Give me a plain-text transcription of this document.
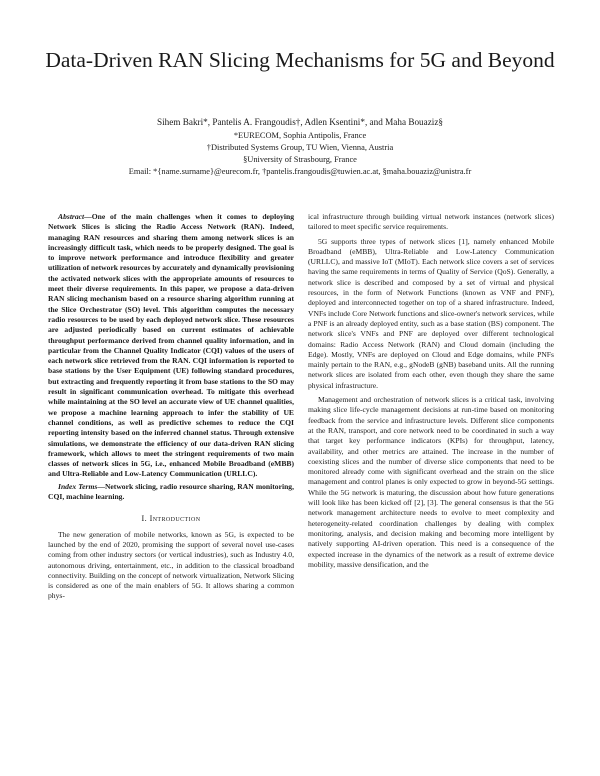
Data-Driven RAN Slicing Mechanisms for 5G and Beyond
Sihem Bakri*, Pantelis A. Frangoudis†, Adlen Ksentini*, and Maha Bouaziz§
*EURECOM, Sophia Antipolis, France
†Distributed Systems Group, TU Wien, Vienna, Austria
§University of Strasbourg, France
Email: *{name.surname}@eurecom.fr, †pantelis.frangoudis@tuwien.ac.at, §maha.bouaziz@unistra.fr

Abstract—One of the main challenges when it comes to deploying Network Slices is slicing the Radio Access Network (RAN). Indeed, managing RAN resources and sharing them among network slices is an increasingly difficult task, which needs to be properly designed. The goal is to improve network performance and introduce flexibility and greater utilization of network resources by accurately and dynamically provisioning the activated network slices with the appropriate amounts of resources to meet their diverse requirements. In this paper, we propose a data-driven RAN slicing mechanism based on a resource sharing algorithm running at the Slice Orchestrator (SO) level. This algorithm computes the necessary radio resources to be used by each deployed network slice. These resources are adjusted periodically based on current estimates of achievable throughput performance derived from channel quality information, and in particular from the Channel Quality Indicator (CQI) values of the users of each network slice retrieved from the RAN. CQI information is reported to base stations by the User Equipment (UE) following standard procedures, but extracting and frequently reporting it from base stations to the SO may result in significant communication overhead. To mitigate this overhead while maintaining at the SO level an accurate view of UE channel qualities, we propose a machine learning approach to infer the stability of UE channel conditions, as well as predictive schemes to reduce the CQI reporting intensity based on the inferred channel status. Through extensive simulations, we demonstrate the efficiency of our data-driven RAN slicing framework, which allows to meet the stringent requirements of two main classes of network slices in 5G, i.e., enhanced Mobile Broadband (eMBB) and Ultra-Reliable and Low-Latency Communication (URLLC).

Index Terms—Network slicing, radio resource sharing, RAN monitoring, CQI, machine learning.

I. Introduction

The new generation of mobile networks, known as 5G, is expected to be launched by the end of 2020, promising the support of several novel use-cases coming from other industry sectors (or vertical industries), such as Industry 4.0, autonomous driving, entertainment, etc., in addition to the classical broadband connectivity. Building on the concept of network virtualization, Network Slicing is considered as one of the main enablers of 5G. It allows sharing a common phys-

ical infrastructure through building virtual network instances (network slices) tailored to meet specific service requirements.

5G supports three types of network slices [1], namely enhanced Mobile Broadband (eMBB), Ultra-Reliable and Low-Latency Communication (URLLC), and massive IoT (MIoT). Each network slice covers a set of services having the same requirements in terms of Quality of Service (QoS). Generally, a network slice is described and composed by a set of virtual and physical resources, in the form of Network Functions (known as VNF and PNF), deployed and interconnected together on top of a shared infrastructure. Indeed, VNFs include Core Network functions and slice-owner's network services, while a PNF is an already deployed entity, such as a base station (BS) component. The network slice's VNFs and PNF are deployed over different technological domains: Radio Access Network (RAN) and Cloud domain (including the Edge). Mostly, VNFs are deployed on Cloud and Edge domains, while PNFs mainly pertain to the RAN, e.g., gNodeB (gNB) baseband units. All the running network slices are isolated from each other, even though they share the same physical infrastructure.

Management and orchestration of network slices is a critical task, involving making slice life-cycle management decisions at run-time based on monitoring feedback from the service and infrastructure levels. Different slice components at the RAN, transport, and core network need to be coordinated in such a way that target key performance indicators (KPIs) for throughput, latency, availability, and other metrics are attained. The increase in the number of coexisting slices and the number of diverse slice components that need to be monitored already come with significant overhead and the strain on the slice management and control planes is only expected to grow in beyond-5G settings. While the 5G network is maturing, the discussion about how future generations will look like has been kicked off [2], [3]. The general consensus is that the 5G network management architecture needs to evolve to meet complexity and heterogeneity-related coordination challenges by dealing with complex monitoring, analysis, and decision making and becoming more intelligent by natively supporting AI-driven operation. This need is a consequence of the expected increase in the dynamics of the network as a result of extreme device mobility, massive densification, and the
